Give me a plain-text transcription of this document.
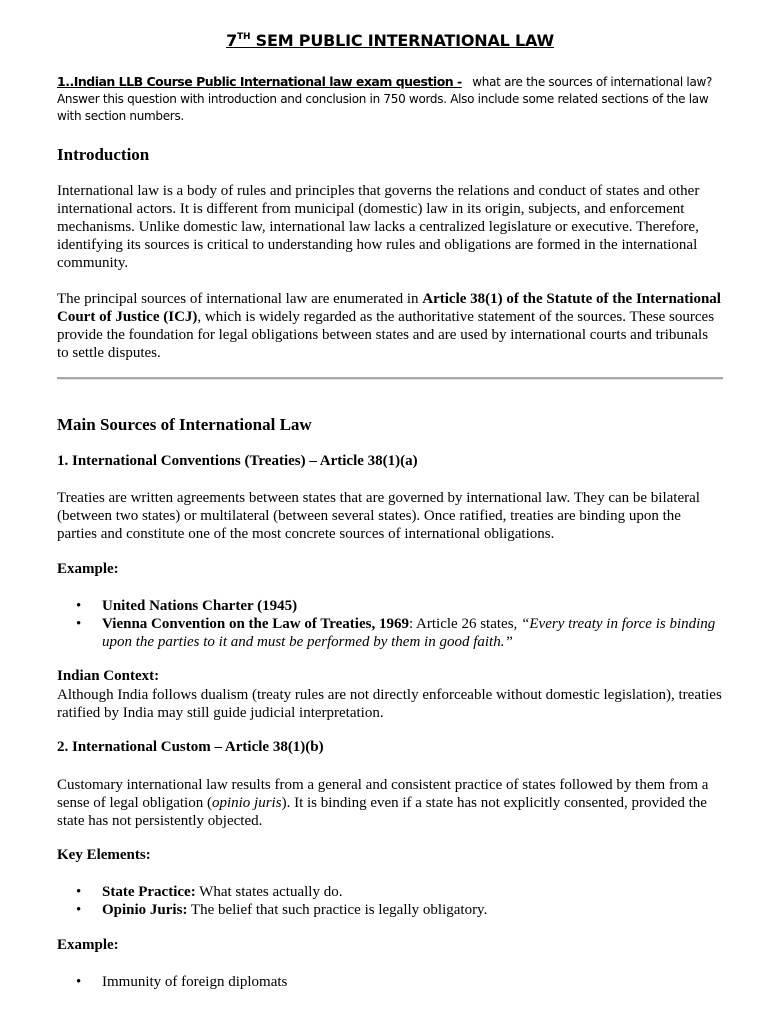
7TH SEM PUBLIC INTERNATIONAL LAW

1..Indian LLB Course Public International law exam question - what are the sources of international law? Answer this question with introduction and conclusion in 750 words. Also include some related sections of the law with section numbers.

Introduction

International law is a body of rules and principles that governs the relations and conduct of states and other international actors. It is different from municipal (domestic) law in its origin, subjects, and enforcement mechanisms. Unlike domestic law, international law lacks a centralized legislature or executive. Therefore, identifying its sources is critical to understanding how rules and obligations are formed in the international community.

The principal sources of international law are enumerated in Article 38(1) of the Statute of the International Court of Justice (ICJ), which is widely regarded as the authoritative statement of the sources. These sources provide the foundation for legal obligations between states and are used by international courts and tribunals to settle disputes.

Main Sources of International Law
1. International Conventions (Treaties) – Article 38(1)(a)

Treaties are written agreements between states that are governed by international law. They can be bilateral (between two states) or multilateral (between several states). Once ratified, treaties are binding upon the parties and constitute one of the most concrete sources of international obligations.

Example:
• United Nations Charter (1945)
• Vienna Convention on the Law of Treaties, 1969: Article 26 states, “Every treaty in force is binding upon the parties to it and must be performed by them in good faith.”
Indian Context:

Although India follows dualism (treaty rules are not directly enforceable without domestic legislation), treaties ratified by India may still guide judicial interpretation.

2. International Custom – Article 38(1)(b)

Customary international law results from a general and consistent practice of states followed by them from a sense of legal obligation (opinio juris). It is binding even if a state has not explicitly consented, provided the state has not persistently objected.

Key Elements:
• State Practice: What states actually do.
• Opinio Juris: The belief that such practice is legally obligatory.
Example:
• Immunity of foreign diplomats
